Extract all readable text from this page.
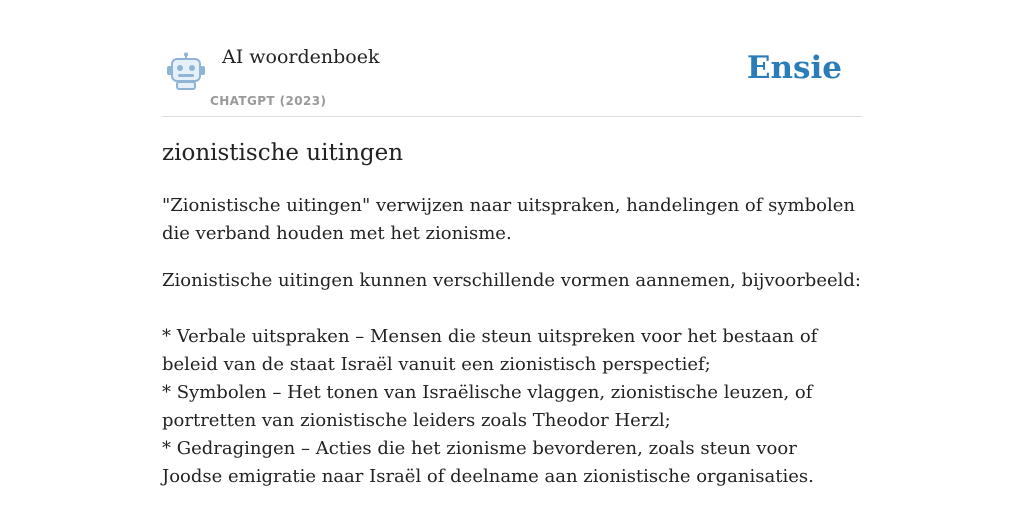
AI woordenboek
CHATGPT (2023)
Ensie
zionistische uitingen

"Zionistische uitingen" verwijzen naar uitspraken, handelingen of symbolen die verband houden met het zionisme.

Zionistische uitingen kunnen verschillende vormen aannemen, bijvoorbeeld:

* Verbale uitspraken – Mensen die steun uitspreken voor het bestaan of beleid van de staat Israël vanuit een zionistisch perspectief;

* Symbolen – Het tonen van Israëlische vlaggen, zionistische leuzen, of portretten van zionistische leiders zoals Theodor Herzl;

* Gedragingen – Acties die het zionisme bevorderen, zoals steun voor Joodse emigratie naar Israël of deelname aan zionistische organisaties.
